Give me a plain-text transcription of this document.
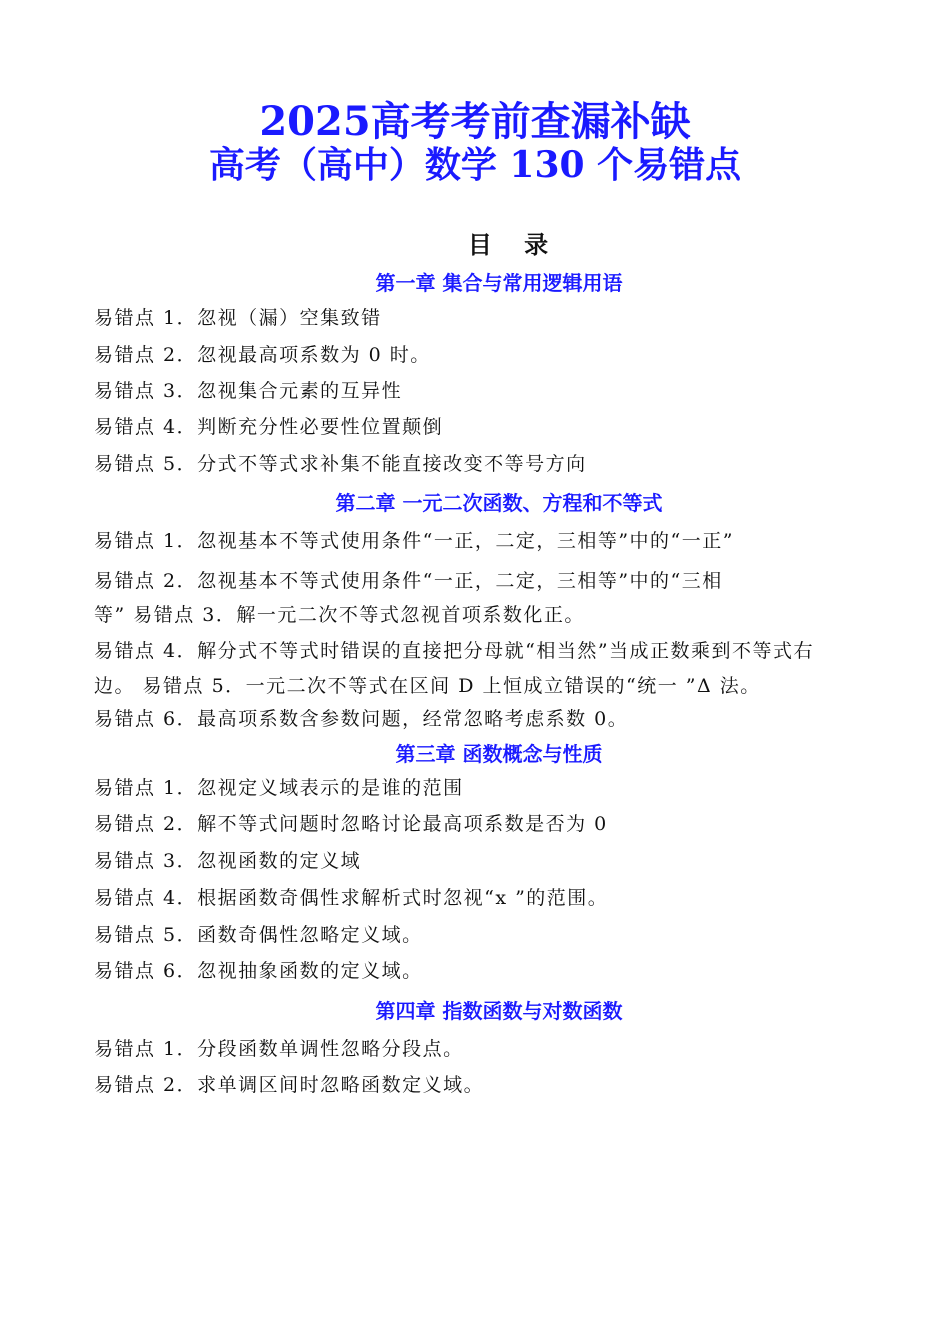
2025高考考前查漏补缺
高考（高中）数学 130 个易错点
目 录
第一章 集合与常用逻辑用语
易错点 1．忽视（漏）空集致错
易错点 2．忽视最高项系数为 0 时。
易错点 3．忽视集合元素的互异性
易错点 4．判断充分性必要性位置颠倒
易错点 5．分式不等式求补集不能直接改变不等号方向
第二章 一元二次函数、方程和不等式
易错点 1．忽视基本不等式使用条件“一正，二定，三相等”中的“一正”
易错点 2．忽视基本不等式使用条件“一正，二定，三相等”中的“三相
等” 易错点 3．解一元二次不等式忽视首项系数化正。
易错点 4．解分式不等式时错误的直接把分母就“相当然”当成正数乘到不等式右
边。 易错点 5．一元二次不等式在区间 D 上恒成立错误的“统一 ”Δ 法。
易错点 6．最高项系数含参数问题，经常忽略考虑系数 0。
第三章 函数概念与性质
易错点 1．忽视定义域表示的是谁的范围
易错点 2．解不等式问题时忽略讨论最高项系数是否为 0
易错点 3．忽视函数的定义域
易错点 4．根据函数奇偶性求解析式时忽视“x ”的范围。
易错点 5．函数奇偶性忽略定义域。
易错点 6．忽视抽象函数的定义域。
第四章 指数函数与对数函数
易错点 1．分段函数单调性忽略分段点。
易错点 2．求单调区间时忽略函数定义域。
